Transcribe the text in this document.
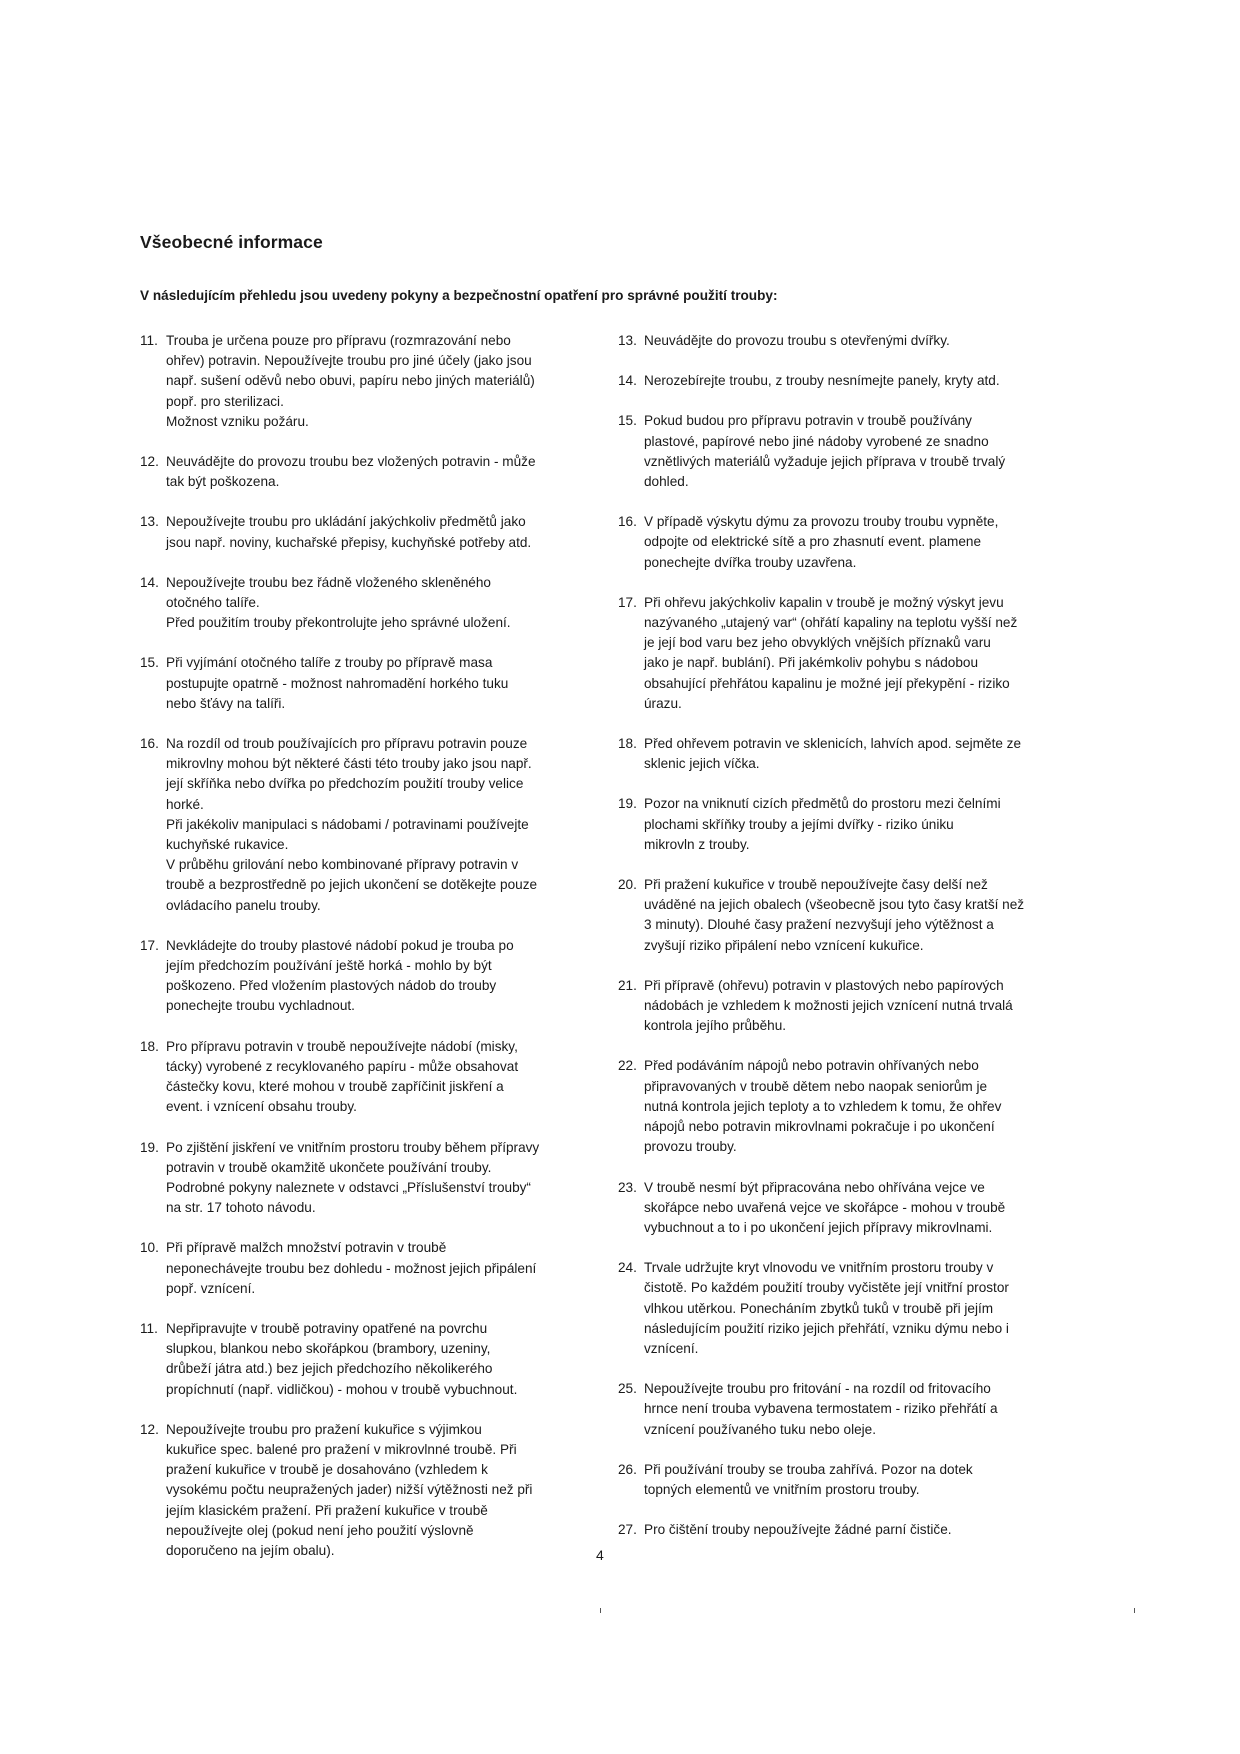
Všeobecné informace
V následujícím přehledu jsou uvedeny pokyny a bezpečnostní opatření pro správné použití trouby:
11. Trouba je určena pouze pro přípravu (rozmrazování nebo
ohřev) potravin. Nepoužívejte troubu pro jiné účely (jako jsou
např. sušení oděvů nebo obuvi, papíru nebo jiných materiálů)
popř. pro sterilizaci.
Možnost vzniku požáru.
12. Neuvádějte do provozu troubu bez vložených potravin - může
tak být poškozena.
13. Nepoužívejte troubu pro ukládání jakýchkoliv předmětů jako
jsou např. noviny, kuchařské přepisy, kuchyňské potřeby atd.
14. Nepoužívejte troubu bez řádně vloženého skleněného
otočného talíře.
Před použitím trouby překontrolujte jeho správné uložení.
15. Při vyjímání otočného talíře z trouby po přípravě masa
postupujte opatrně - možnost nahromadění horkého tuku
nebo šťávy na talíři.
16. Na rozdíl od troub používajících pro přípravu potravin pouze
mikrovlny mohou být některé části této trouby jako jsou např.
její skříňka nebo dvířka po předchozím použití trouby velice
horké.
Při jakékoliv manipulaci s nádobami / potravinami používejte
kuchyňské rukavice.
V průběhu grilování nebo kombinované přípravy potravin v
troubě a bezprostředně po jejich ukončení se dotěkejte pouze
ovládacího panelu trouby.
17. Nevkládejte do trouby plastové nádobí pokud je trouba po
jejím předchozím používání ještě horká - mohlo by být
poškozeno. Před vložením plastových nádob do trouby
ponechejte troubu vychladnout.
18. Pro přípravu potravin v troubě nepoužívejte nádobí (misky,
tácky) vyrobené z recyklovaného papíru - může obsahovat
částečky kovu, které mohou v troubě zapříčinit jiskření a
event. i vznícení obsahu trouby.
19. Po zjištění jiskření ve vnitřním prostoru trouby během přípravy
potravin v troubě okamžitě ukončete používání trouby.
Podrobné pokyny naleznete v odstavci „Příslušenství trouby“
na str. 17 tohoto návodu.
10. Při přípravě malžch množství potravin v troubě
neponechávejte troubu bez dohledu - možnost jejich připálení
popř. vznícení.
11. Nepřipravujte v troubě potraviny opatřené na povrchu
slupkou, blankou nebo skořápkou (brambory, uzeniny,
drůbeží játra atd.) bez jejich předchozího několikerého
propíchnutí (např. vidličkou) - mohou v troubě vybuchnout.
12. Nepoužívejte troubu pro pražení kukuřice s výjimkou
kukuřice spec. balené pro pražení v mikrovlnné troubě. Při
pražení kukuřice v troubě je dosahováno (vzhledem k
vysokému počtu neupražených jader) nižší výtěžnosti než při
jejím klasickém pražení. Při pražení kukuřice v troubě
nepoužívejte olej (pokud není jeho použití výslovně
doporučeno na jejím obalu).
13. Neuvádějte do provozu troubu s otevřenými dvířky.
14. Nerozebírejte troubu, z trouby nesnímejte panely, kryty atd.
15. Pokud budou pro přípravu potravin v troubě používány
plastové, papírové nebo jiné nádoby vyrobené ze snadno
vznětlivých materiálů vyžaduje jejich příprava v troubě trvalý
dohled.
16. V případě výskytu dýmu za provozu trouby troubu vypněte,
odpojte od elektrické sítě a pro zhasnutí event. plamene
ponechejte dvířka trouby uzavřena.
17. Při ohřevu jakýchkoliv kapalin v troubě je možný výskyt jevu
nazývaného „utajený var“ (ohřátí kapaliny na teplotu vyšší než
je její bod varu bez jeho obvyklých vnějších příznaků varu
jako je např. bublání). Při jakémkoliv pohybu s nádobou
obsahující přehřátou kapalinu je možné její překypění - riziko
úrazu.
18. Před ohřevem potravin ve sklenicích, lahvích apod. sejměte ze
sklenic jejich víčka.
19. Pozor na vniknutí cizích předmětů do prostoru mezi čelními
plochami skříňky trouby a jejími dvířky - riziko úniku
mikrovln z trouby.
20. Při pražení kukuřice v troubě nepoužívejte časy delší než
uváděné na jejich obalech (všeobecně jsou tyto časy kratší než
3 minuty). Dlouhé časy pražení nezvyšují jeho výtěžnost a
zvyšují riziko připálení nebo vznícení kukuřice.
21. Při přípravě (ohřevu) potravin v plastových nebo papírových
nádobách je vzhledem k možnosti jejich vznícení nutná trvalá
kontrola jejího průběhu.
22. Před podáváním nápojů nebo potravin ohřívaných nebo
připravovaných v troubě dětem nebo naopak seniorům je
nutná kontrola jejich teploty a to vzhledem k tomu, že ohřev
nápojů nebo potravin mikrovlnami pokračuje i po ukončení
provozu trouby.
23. V troubě nesmí být připracována nebo ohřívána vejce ve
skořápce nebo uvařená vejce ve skořápce - mohou v troubě
vybuchnout a to i po ukončení jejich přípravy mikrovlnami.
24. Trvale udržujte kryt vlnovodu ve vnitřním prostoru trouby v
čistotě. Po každém použití trouby vyčistěte její vnitřní prostor
vlhkou utěrkou. Ponecháním zbytků tuků v troubě při jejím
následujícím použití riziko jejich přehřátí, vzniku dýmu nebo i
vznícení.
25. Nepoužívejte troubu pro fritování - na rozdíl od fritovacího
hrnce není trouba vybavena termostatem - riziko přehřátí a
vznícení používaného tuku nebo oleje.
26. Při používání trouby se trouba zahřívá. Pozor na dotek
topných elementů ve vnitřním prostoru trouby.
27. Pro čištění trouby nepoužívejte žádné parní čističe.
4
